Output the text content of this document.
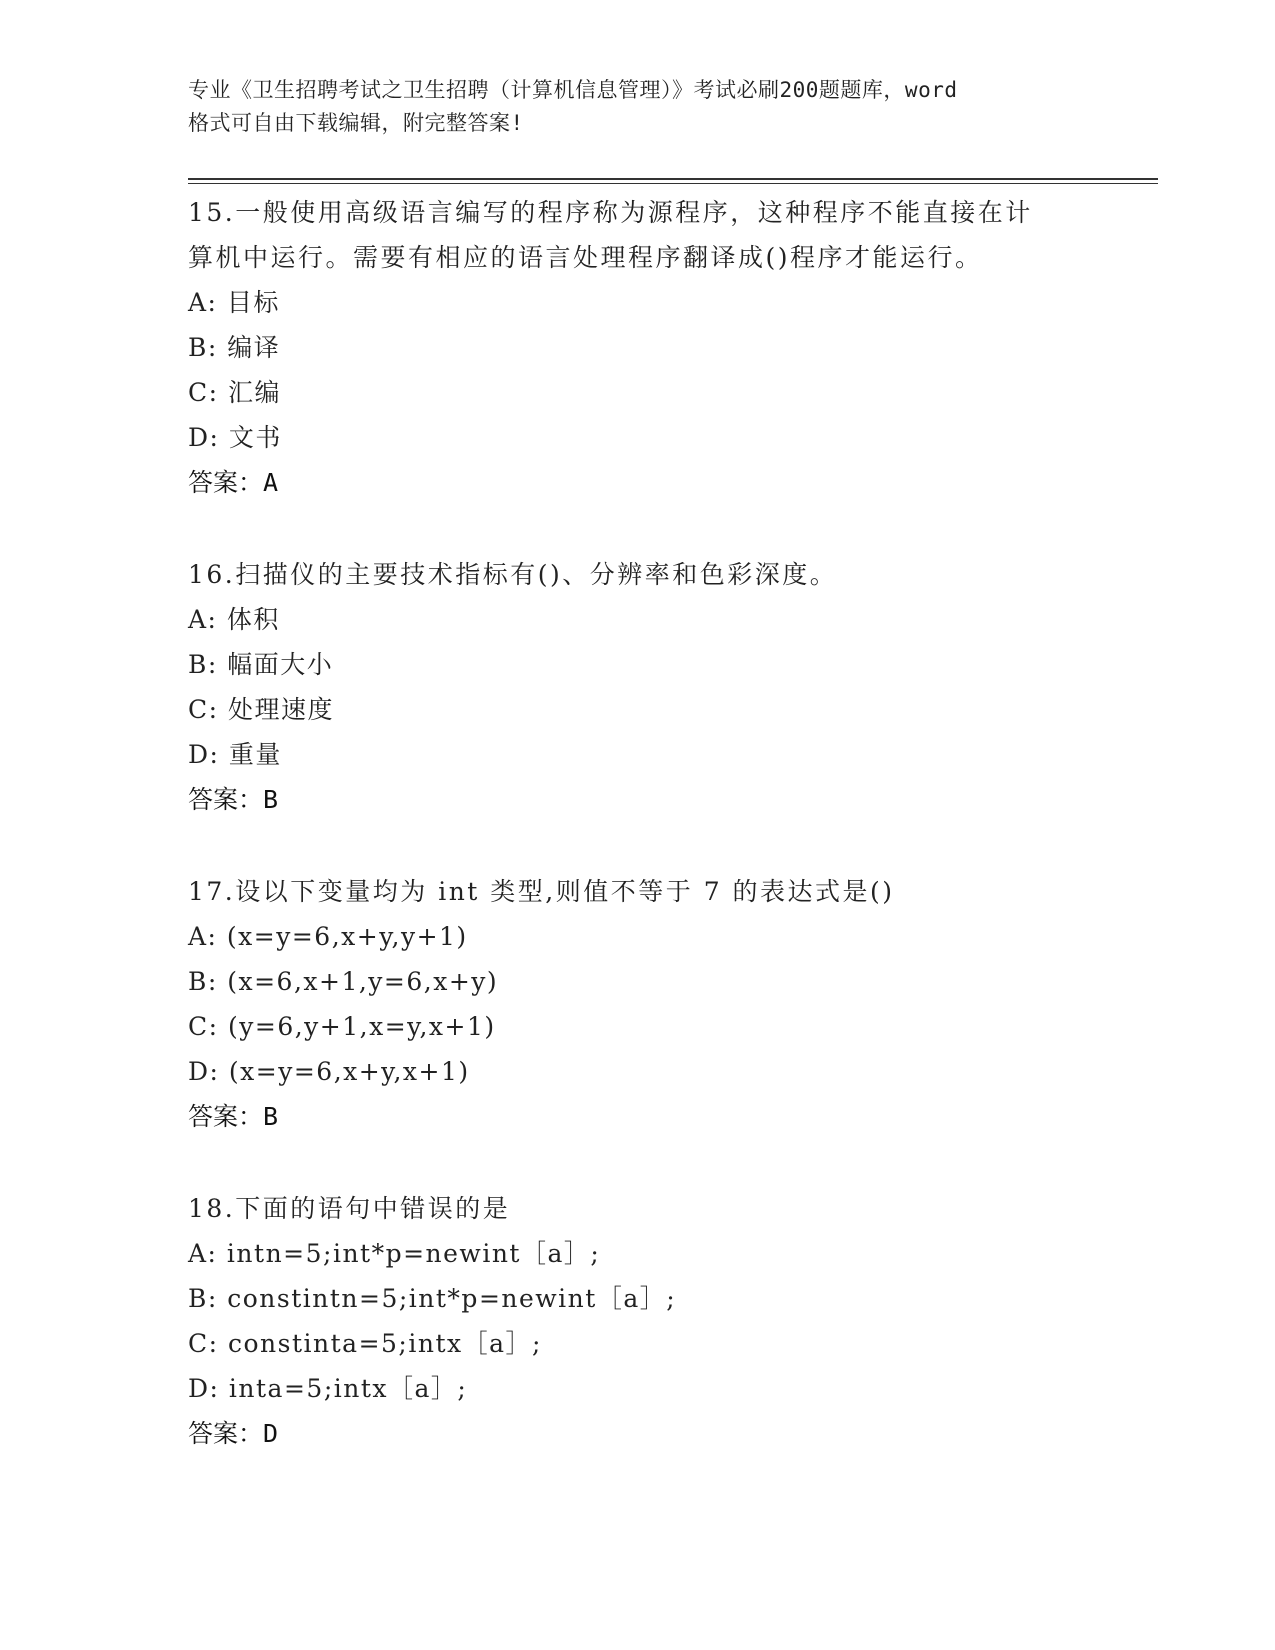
专业《卫生招聘考试之卫生招聘（计算机信息管理）》考试必刷200题题库，word
格式可自由下载编辑，附完整答案!

15.一般使用高级语言编写的程序称为源程序，这种程序不能直接在计
算机中运行。需要有相应的语言处理程序翻译成()程序才能运行。

A: 目标

B: 编译

C: 汇编

D: 文书

答案：A

16.扫描仪的主要技术指标有()、分辨率和色彩深度。

A: 体积

B: 幅面大小

C: 处理速度

D: 重量

答案：B

17.设以下变量均为 int 类型,则值不等于 7 的表达式是()

A: (x=y=6,x+y,y+1)

B: (x=6,x+1,y=6,x+y)

C: (y=6,y+1,x=y,x+1)

D: (x=y=6,x+y,x+1)

答案：B

18.下面的语句中错误的是

A: intn=5;int*p=newint［a］;

B: constintn=5;int*p=newint［a］;

C: constinta=5;intx［a］;

D: inta=5;intx［a］;

答案：D
